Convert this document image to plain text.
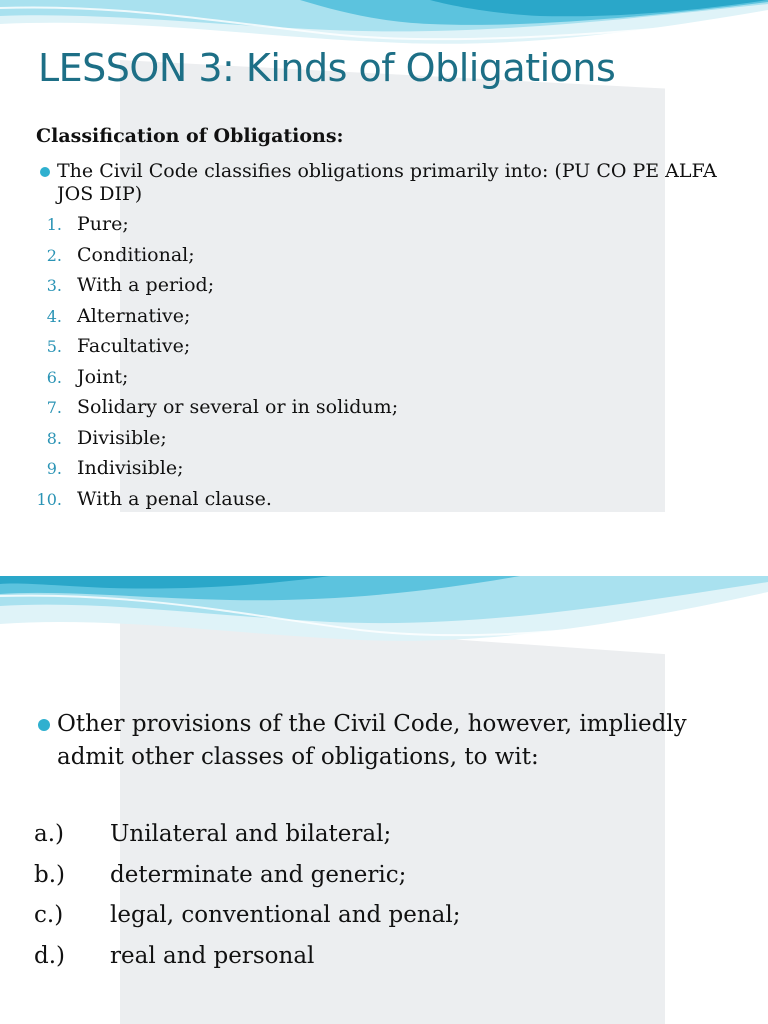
LESSON 3: Kinds of Obligations
Classification of Obligations:
The Civil Code classifies obligations primarily into: (PU CO PE ALFA JOS DIP)
1. Pure;
2. Conditional;
3. With a period;
4. Alternative;
5. Facultative;
6. Joint;
7. Solidary or several or in solidum;
8. Divisible;
9. Indivisible;
10. With a penal clause.
Other provisions of the Civil Code, however, impliedly admit other classes of obligations, to wit:
a.) Unilateral and bilateral;
b.) determinate and generic;
c.) legal, conventional and penal;
d.) real and personal
